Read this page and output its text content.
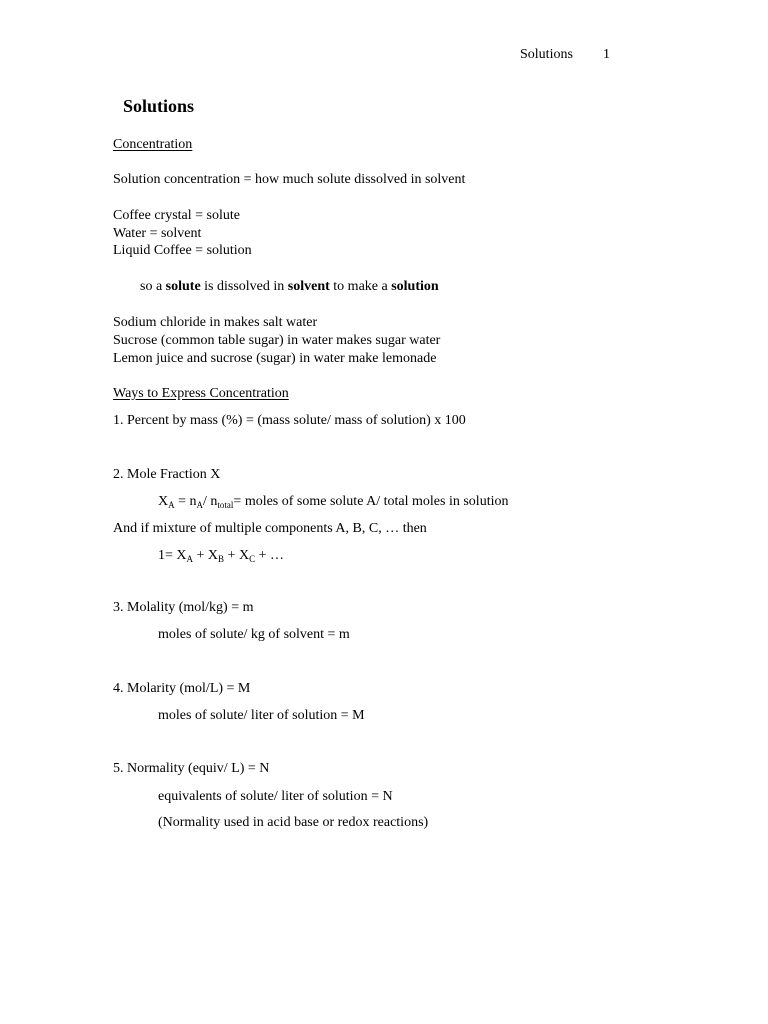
Solutions 1
Solutions
Concentration
Solution concentration = how much solute dissolved in solvent
Coffee crystal = solute
Water = solvent
Liquid Coffee = solution
so a solute is dissolved in solvent to make a solution
Sodium chloride in makes salt water
Sucrose (common table sugar) in water makes sugar water
Lemon juice and sucrose (sugar) in water make lemonade
Ways to Express Concentration
1. Percent by mass (%) = (mass solute/ mass of solution) x 100
2. Mole Fraction X
$X_A = n_A/$ $n_{total}=$ moles of some solute A/ total moles in solution
And if mixture of multiple components A, B, C, … then
$1= X_A + X_B + X_C$ + …
3. Molality (mol/kg) = m
moles of solute/ kg of solvent = m
4. Molarity (mol/L) = M
moles of solute/ liter of solution = M
5. Normality (equiv/ L) = N
equivalents of solute/ liter of solution = N
(Normality used in acid base or redox reactions)
